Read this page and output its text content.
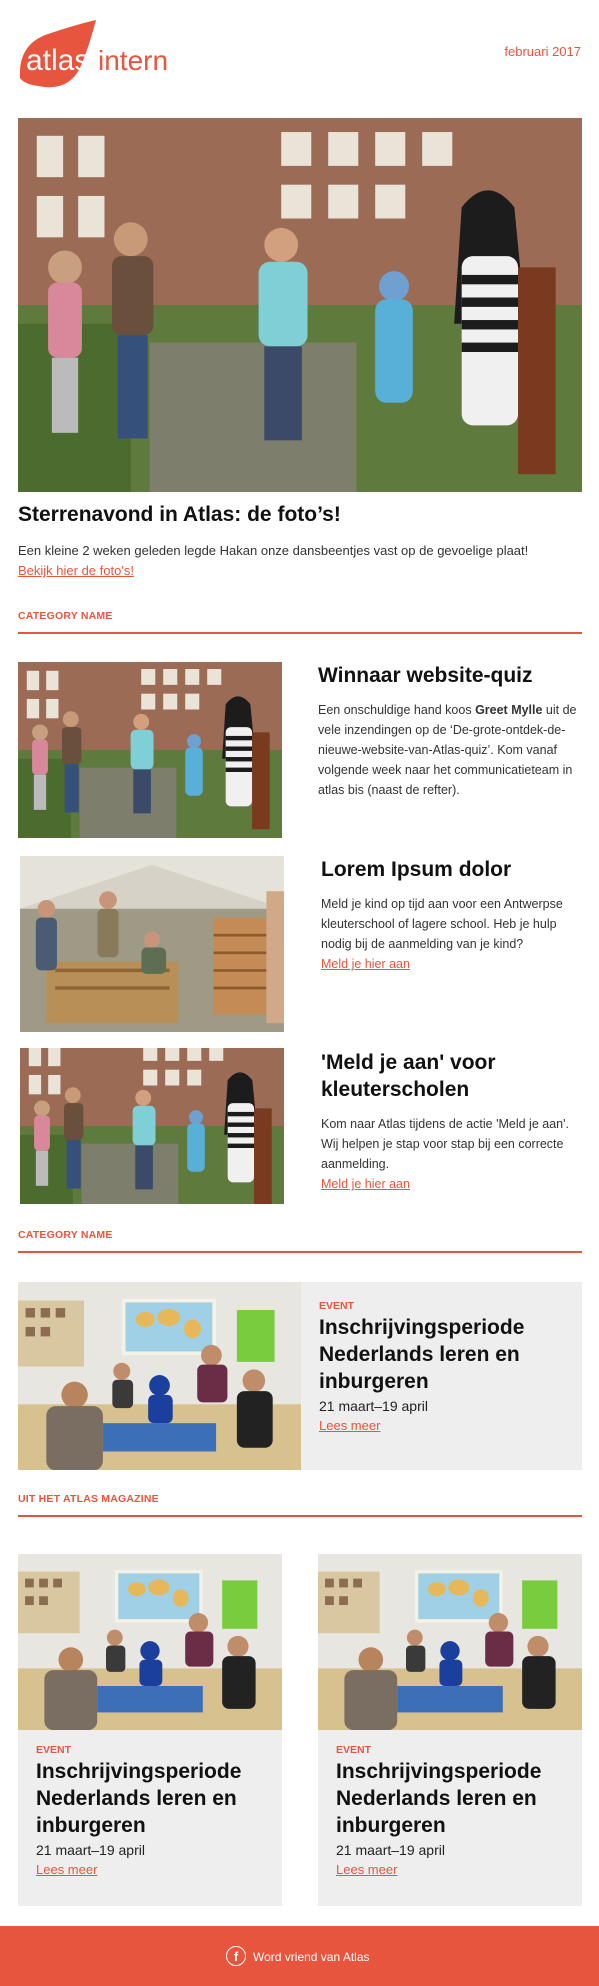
atlas intern	februari 2017
Sterrenavond in Atlas: de foto’s!
Een kleine 2 weken geleden legde Hakan onze dansbeentjes vast op de gevoelige plaat!
Bekijk hier de foto's!
CATEGORY NAME
Winnaar website-quiz
Een onschuldige hand koos Greet Mylle uit de vele inzendingen op de ‘De-grote-ontdek-de-nieuwe-website-van-Atlas-quiz’. Kom vanaf volgende week naar het communicatieteam in atlas bis (naast de refter).
Lorem Ipsum dolor
Meld je kind op tijd aan voor een Antwerpse kleuterschool of lagere school. Heb je hulp nodig bij de aanmelding van je kind?
Meld je hier aan
'Meld je aan' voor kleuterscholen
Kom naar Atlas tijdens de actie 'Meld je aan'. Wij helpen je stap voor stap bij een correcte aanmelding.
Meld je hier aan
CATEGORY NAME
EVENT
Inschrijvingsperiode Nederlands leren en inburgeren
21 maart–19 april
Lees meer
UIT HET ATLAS MAGAZINE
EVENT
Inschrijvingsperiode Nederlands leren en inburgeren
21 maart–19 april
Lees meer
EVENT
Inschrijvingsperiode Nederlands leren en inburgeren
21 maart–19 april
Lees meer
f	Word vriend van Atlas
